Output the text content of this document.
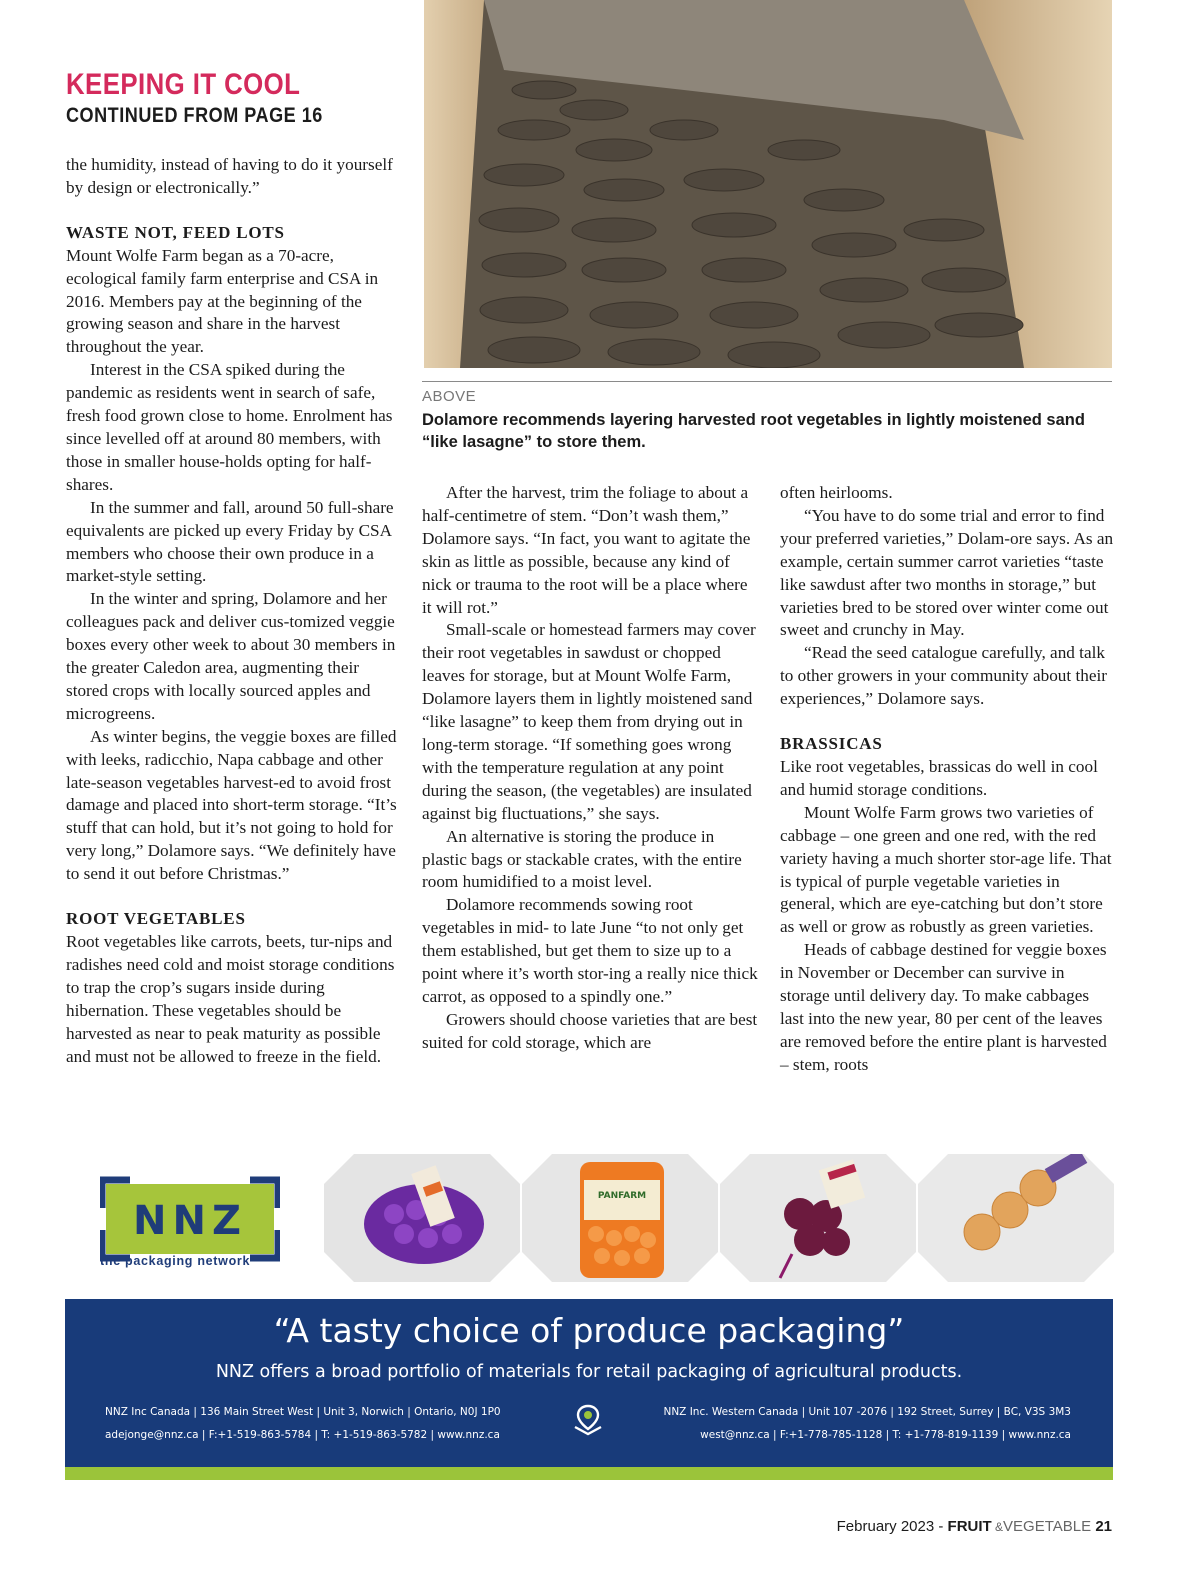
KEEPING IT COOL
CONTINUED FROM PAGE 16

the humidity, instead of having to do it yourself by design or electronically.”

WASTE NOT, FEED LOTS

Mount Wolfe Farm began as a 70-acre, ecological family farm enterprise and CSA in 2016. Members pay at the beginning of the growing season and share in the harvest throughout the year.

Interest in the CSA spiked during the pandemic as residents went in search of safe, fresh food grown close to home. Enrolment has since levelled off at around 80 members, with those in smaller house-holds opting for half-shares.

In the summer and fall, around 50 full-share equivalents are picked up every Friday by CSA members who choose their own produce in a market-style setting.

In the winter and spring, Dolamore and her colleagues pack and deliver cus-tomized veggie boxes every other week to about 30 members in the greater Caledon area, augmenting their stored crops with locally sourced apples and microgreens.

As winter begins, the veggie boxes are filled with leeks, radicchio, Napa cabbage and other late-season vegetables harvest-ed to avoid frost damage and placed into short-term storage. “It’s stuff that can hold, but it’s not going to hold for very long,” Dolamore says. “We definitely have to send it out before Christmas.”

ROOT VEGETABLES

Root vegetables like carrots, beets, tur-nips and radishes need cold and moist storage conditions to trap the crop’s sugars inside during hibernation. These vegetables should be harvested as near to peak maturity as possible and must not be allowed to freeze in the field.

ABOVE
Dolamore recommends layering harvested root vegetables in lightly moistened sand “like lasagne” to store them.

After the harvest, trim the foliage to about a half-centimetre of stem. “Don’t wash them,” Dolamore says. “In fact, you want to agitate the skin as little as possible, because any kind of nick or trauma to the root will be a place where it will rot.”

Small-scale or homestead farmers may cover their root vegetables in sawdust or chopped leaves for storage, but at Mount Wolfe Farm, Dolamore layers them in lightly moistened sand “like lasagne” to keep them from drying out in long-term storage. “If something goes wrong with the temperature regulation at any point during the season, (the vegetables) are insulated against big fluctuations,” she says.

An alternative is storing the produce in plastic bags or stackable crates, with the entire room humidified to a moist level.

Dolamore recommends sowing root vegetables in mid- to late June “to not only get them established, but get them to size up to a point where it’s worth stor-ing a really nice thick carrot, as opposed to a spindly one.”

Growers should choose varieties that are best suited for cold storage, which are

often heirlooms.

“You have to do some trial and error to find your preferred varieties,” Dolam-ore says. As an example, certain summer carrot varieties “taste like sawdust after two months in storage,” but varieties bred to be stored over winter come out sweet and crunchy in May.

“Read the seed catalogue carefully, and talk to other growers in your community about their experiences,” Dolamore says.

BRASSICAS

Like root vegetables, brassicas do well in cool and humid storage conditions.

Mount Wolfe Farm grows two varieties of cabbage – one green and one red, with the red variety having a much shorter stor-age life. That is typical of purple vegetable varieties in general, which are eye-catching but don’t store as well or grow as robustly as green varieties.

Heads of cabbage destined for veggie boxes in November or December can survive in storage until delivery day. To make cabbages last into the new year, 80 per cent of the leaves are removed before the entire plant is harvested – stem, roots

NNZ
the packaging network
PANFARM
“A tasty choice of produce packaging”
NNZ offers a broad portfolio of materials for retail packaging of agricultural products.
NNZ Inc Canada | 136 Main Street West | Unit 3, Norwich | Ontario, N0J 1P0
adejonge@nnz.ca | F:+1-519-863-5784 | T: +1-519-863-5782 | www.nnz.ca
NNZ Inc. Western Canada | Unit 107 -2076 | 192 Street, Surrey | BC, V3S 3M3
west@nnz.ca | F:+1-778-785-1128 | T: +1-778-819-1139 | www.nnz.ca
February 2023 - FRUIT &VEGETABLE 21
